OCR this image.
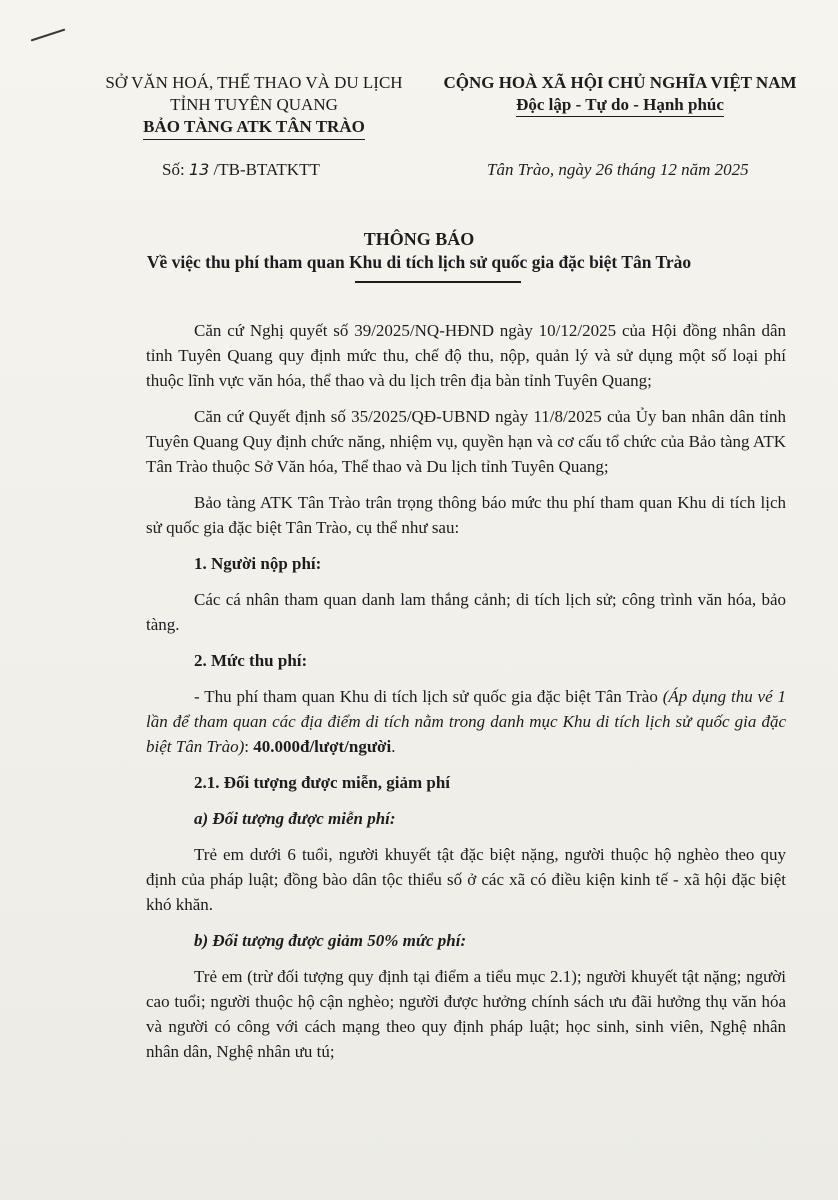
SỞ VĂN HOÁ, THỂ THAO VÀ DU LỊCH
TỈNH TUYÊN QUANG
BẢO TÀNG ATK TÂN TRÀO
CỘNG HOÀ XÃ HỘI CHỦ NGHĨA VIỆT NAM
Độc lập - Tự do - Hạnh phúc
Số: 13 /TB-BTATKTT	Tân Trào, ngày 26 tháng 12 năm 2025
THÔNG BÁO
Về việc thu phí tham quan Khu di tích lịch sử quốc gia đặc biệt Tân Trào

Căn cứ Nghị quyết số 39/2025/NQ-HĐND ngày 10/12/2025 của Hội đồng nhân dân tỉnh Tuyên Quang quy định mức thu, chế độ thu, nộp, quản lý và sử dụng một số loại phí thuộc lĩnh vực văn hóa, thể thao và du lịch trên địa bàn tỉnh Tuyên Quang;

Căn cứ Quyết định số 35/2025/QĐ-UBND ngày 11/8/2025 của Ủy ban nhân dân tỉnh Tuyên Quang Quy định chức năng, nhiệm vụ, quyền hạn và cơ cấu tổ chức của Bảo tàng ATK Tân Trào thuộc Sở Văn hóa, Thể thao và Du lịch tỉnh Tuyên Quang;

Bảo tàng ATK Tân Trào trân trọng thông báo mức thu phí tham quan Khu di tích lịch sử quốc gia đặc biệt Tân Trào, cụ thể như sau:

1. Người nộp phí:

Các cá nhân tham quan danh lam thắng cảnh; di tích lịch sử; công trình văn hóa, bảo tàng.

2. Mức thu phí:

- Thu phí tham quan Khu di tích lịch sử quốc gia đặc biệt Tân Trào (Áp dụng thu vé 1 lần để tham quan các địa điểm di tích nằm trong danh mục Khu di tích lịch sử quốc gia đặc biệt Tân Trào): 40.000đ/lượt/người.

2.1. Đối tượng được miễn, giảm phí

a) Đối tượng được miễn phí:

Trẻ em dưới 6 tuổi, người khuyết tật đặc biệt nặng, người thuộc hộ nghèo theo quy định của pháp luật; đồng bào dân tộc thiểu số ở các xã có điều kiện kinh tế - xã hội đặc biệt khó khăn.

b) Đối tượng được giảm 50% mức phí:

Trẻ em (trừ đối tượng quy định tại điểm a tiểu mục 2.1); người khuyết tật nặng; người cao tuổi; người thuộc hộ cận nghèo; người được hưởng chính sách ưu đãi hưởng thụ văn hóa và người có công với cách mạng theo quy định pháp luật; học sinh, sinh viên, Nghệ nhân nhân dân, Nghệ nhân ưu tú;
